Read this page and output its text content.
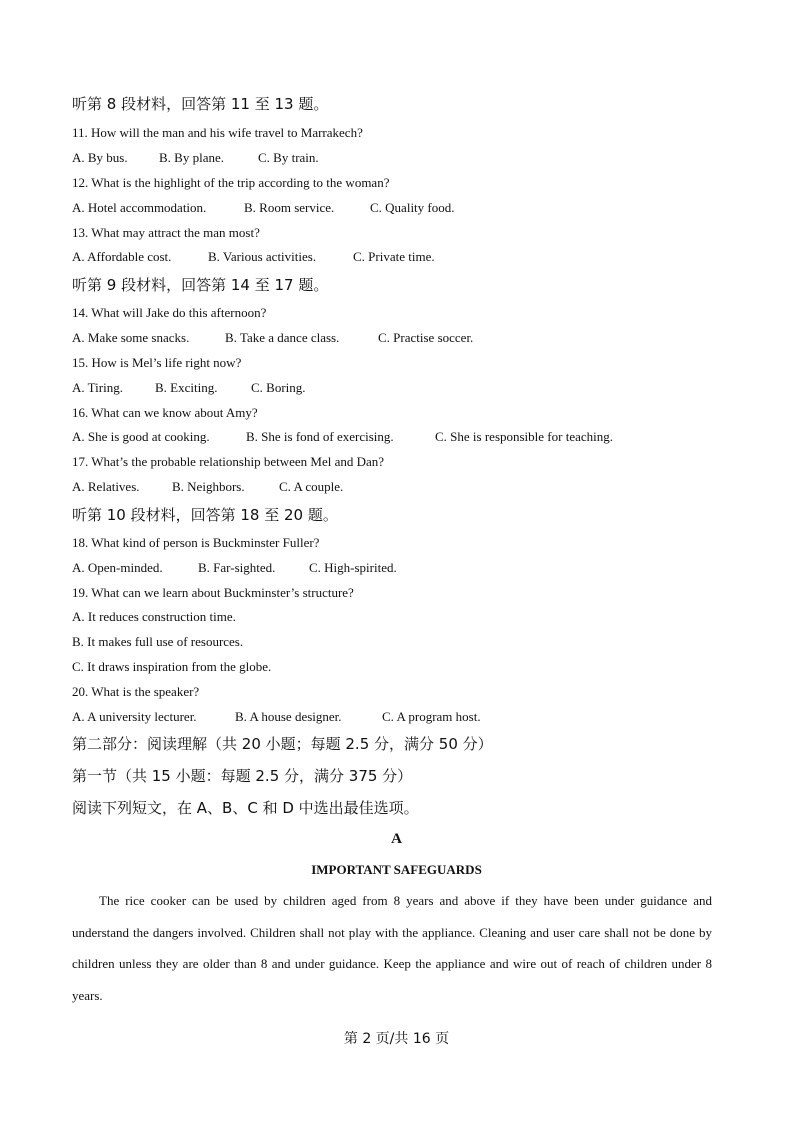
听第 8 段材料，回答第 11 至 13 题。
11. How will the man and his wife travel to Marrakech?
A. By bus. B. By plane.	C. By train.
12. What is the highlight of the trip according to the woman?
A. Hotel accommodation.	B. Room service.	C. Quality food.
13. What may attract the man most?
A. Affordable cost.	B. Various activities.	C. Private time.
听第 9 段材料，回答第 14 至 17 题。
14. What will Jake do this afternoon?
A. Make some snacks.	B. Take a dance class.	C. Practise soccer.
15. How is Mel’s life right now?
A. Tiring. B. Exciting.	C. Boring.
16. What can we know about Amy?
A. She is good at cooking.	B. She is fond of exercising.	C. She is responsible for teaching.
17. What’s the probable relationship between Mel and Dan?
A. Relatives. B. Neighbors.	C. A couple.
听第 10 段材料，回答第 18 至 20 题。
18. What kind of person is Buckminster Fuller?
A. Open-minded.	B. Far-sighted.	C. High-spirited.
19. What can we learn about Buckminster’s structure?
A. It reduces construction time.
B. It makes full use of resources.
C. It draws inspiration from the globe.
20. What is the speaker?
A. A university lecturer.	B. A house designer.	C. A program host.
第二部分：阅读理解（共 20 小题；每题 2.5 分，满分 50 分）
第一节（共 15 小题：每题 2.5 分，满分 375 分）
阅读下列短文，在 A、B、C 和 D 中选出最佳选项。
A
IMPORTANT SAFEGUARDS
The rice cooker can be used by children aged from 8 years and above if they have been under guidance and understand the dangers involved. Children shall not play with the appliance. Cleaning and user care shall not be done by children unless they are older than 8 and under guidance. Keep the appliance and wire out of reach of children under 8 years.
第 2 页/共 16 页
